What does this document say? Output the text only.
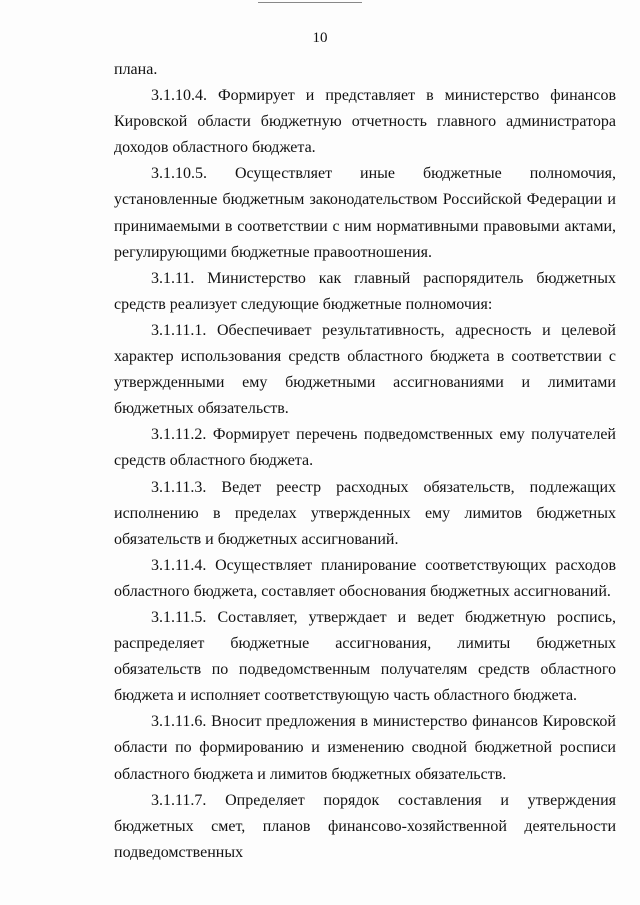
10

плана.

3.1.10.4. Формирует и представляет в министерство финансов Кировской области бюджетную отчетность главного администратора доходов областного бюджета.

3.1.10.5. Осуществляет иные бюджетные полномочия, установленные бюджетным законодательством Российской Федерации и принимаемыми в соответствии с ним нормативными правовыми актами, регулирующими бюджетные правоотношения.

3.1.11. Министерство как главный распорядитель бюджетных средств реализует следующие бюджетные полномочия:

3.1.11.1. Обеспечивает результативность, адресность и целевой характер использования средств областного бюджета в соответствии с утвержденными ему бюджетными ассигнованиями и лимитами бюджетных обязательств.

3.1.11.2. Формирует перечень подведомственных ему получателей средств областного бюджета.

3.1.11.3. Ведет реестр расходных обязательств, подлежащих исполнению в пределах утвержденных ему лимитов бюджетных обязательств и бюджетных ассигнований.

3.1.11.4. Осуществляет планирование соответствующих расходов областного бюджета, составляет обоснования бюджетных ассигнований.

3.1.11.5. Составляет, утверждает и ведет бюджетную роспись, распределяет бюджетные ассигнования, лимиты бюджетных обязательств по подведомственным получателям средств областного бюджета и исполняет соответствующую часть областного бюджета.

3.1.11.6. Вносит предложения в министерство финансов Кировской области по формированию и изменению сводной бюджетной росписи областного бюджета и лимитов бюджетных обязательств.

3.1.11.7. Определяет порядок составления и утверждения бюджетных смет, планов финансово-хозяйственной деятельности подведомственных
